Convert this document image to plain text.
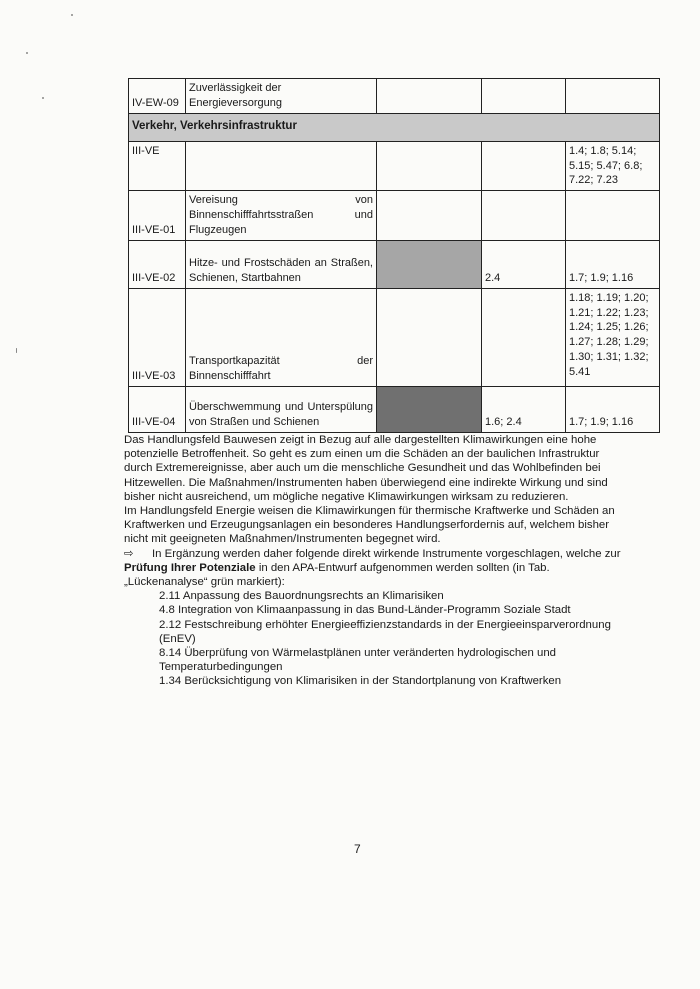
IV-EW-09	Zuverlässigkeit der Energieversorgung			
Verkehr, Verkehrsinfrastruktur				
III-VE				1.4; 1.8; 5.14; 5.15; 5.47; 6.8; 7.22; 7.23
III-VE-01	Vereisung von Binnenschifffahrtsstraßen und Flugzeugen			
III-VE-02	Hitze- und Frostschäden an Straßen, Schienen, Startbahnen		2.4	1.7; 1.9; 1.16
III-VE-03	Transportkapazität der Binnenschifffahrt			1.18; 1.19; 1.20; 1.21; 1.22; 1.23; 1.24; 1.25; 1.26; 1.27; 1.28; 1.29; 1.30; 1.31; 1.32; 5.41
III-VE-04	Überschwemmung und Unterspülung von Straßen und Schienen		1.6; 2.4	1.7; 1.9; 1.16

Das Handlungsfeld Bauwesen zeigt in Bezug auf alle dargestellten Klimawirkungen eine hohe potenzielle Betroffenheit. So geht es zum einen um die Schäden an der baulichen Infrastruktur durch Extremereignisse, aber auch um die menschliche Gesundheit und das Wohlbefinden bei Hitzewellen. Die Maßnahmen/Instrumenten haben überwiegend eine indirekte Wirkung und sind bisher nicht ausreichend, um mögliche negative Klimawirkungen wirksam zu reduzieren.

Im Handlungsfeld Energie weisen die Klimawirkungen für thermische Kraftwerke und Schäden an Kraftwerken und Erzeugungsanlagen ein besonderes Handlungserfordernis auf, welchem bisher nicht mit geeigneten Maßnahmen/Instrumenten begegnet wird.

⇨ In Ergänzung werden daher folgende direkt wirkende Instrumente vorgeschlagen, welche zur Prüfung Ihrer Potenziale in den APA-Entwurf aufgenommen werden sollten (in Tab. „Lückenanalyse“ grün markiert):

2.11 Anpassung des Bauordnungsrechts an Klimarisiken

4.8 Integration von Klimaanpassung in das Bund-Länder-Programm Soziale Stadt

2.12 Festschreibung erhöhter Energieeffizienzstandards in der Energieeinsparverordnung (EnEV)

8.14 Überprüfung von Wärmelastplänen unter veränderten hydrologischen und Temperaturbedingungen

1.34 Berücksichtigung von Klimarisiken in der Standortplanung von Kraftwerken

7
